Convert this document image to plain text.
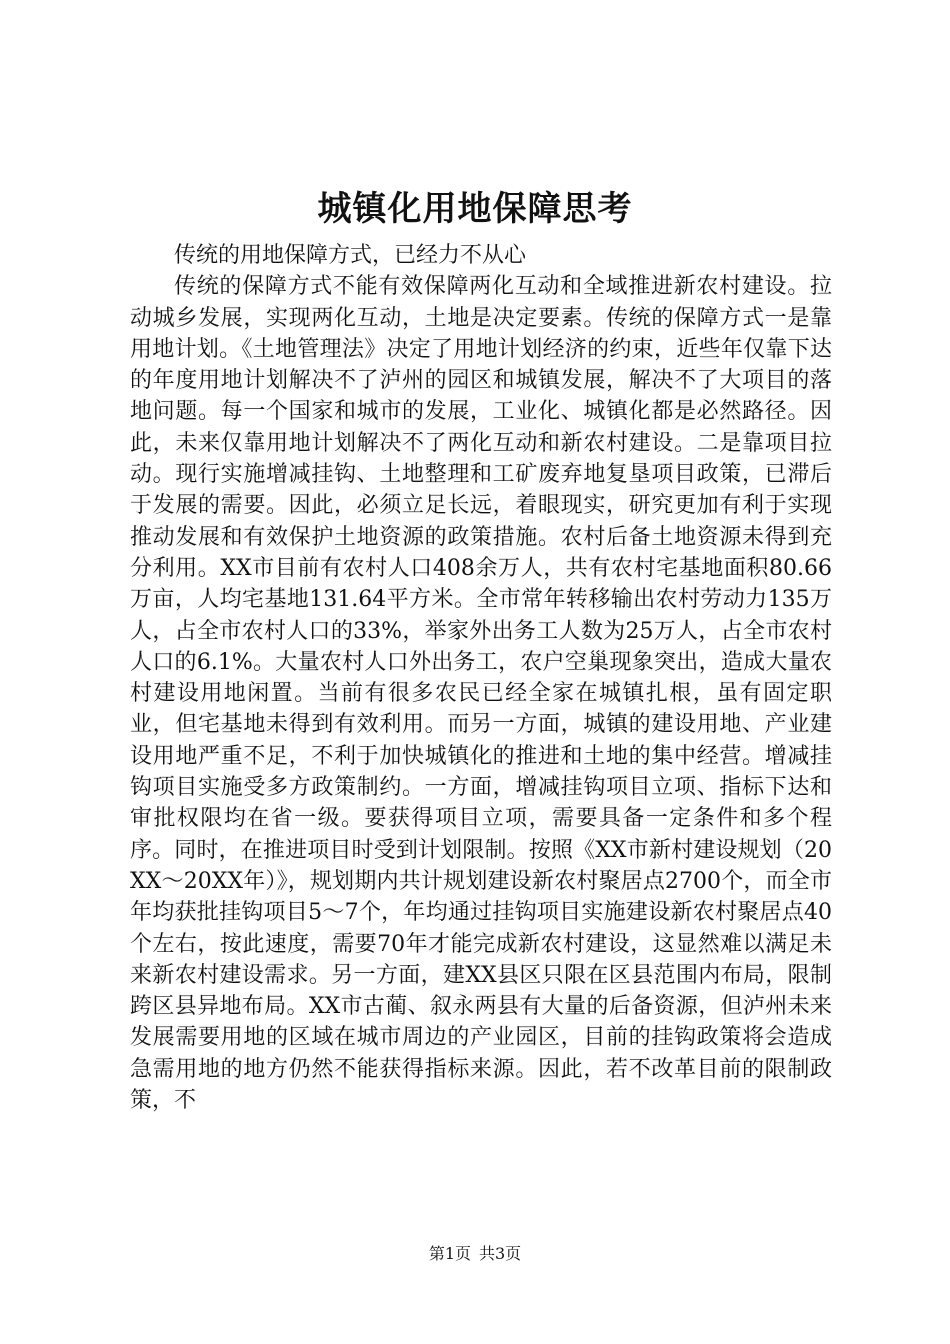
城镇化用地保障思考

传统的用地保障方式，已经力不从心

传统的保障方式不能有效保障两化互动和全域推进新农村建设。拉动城乡发展，实现两化互动，土地是决定要素。传统的保障方式一是靠用地计划。《土地管理法》决定了用地计划经济的约束，近些年仅靠下达的年度用地计划解决不了泸州的园区和城镇发展，解决不了大项目的落地问题。每一个国家和城市的发展，工业化、城镇化都是必然路径。因此，未来仅靠用地计划解决不了两化互动和新农村建设。二是靠项目拉动。现行实施增减挂钩、土地整理和工矿废弃地复垦项目政策，已滞后于发展的需要。因此，必须立足长远，着眼现实，研究更加有利于实现推动发展和有效保护土地资源的政策措施。农村后备土地资源未得到充分利用。XX市目前有农村人口408余万人，共有农村宅基地面积80.66万亩，人均宅基地131.64平方米。全市常年转移输出农村劳动力135万人，占全市农村人口的33%，举家外出务工人数为25万人，占全市农村人口的6.1%。大量农村人口外出务工，农户空巢现象突出，造成大量农村建设用地闲置。当前有很多农民已经全家在城镇扎根，虽有固定职业，但宅基地未得到有效利用。而另一方面，城镇的建设用地、产业建设用地严重不足，不利于加快城镇化的推进和土地的集中经营。增减挂钩项目实施受多方政策制约。一方面，增减挂钩项目立项、指标下达和审批权限均在省一级。要获得项目立项，需要具备一定条件和多个程序。同时，在推进项目时受到计划限制。按照《XX市新村建设规划（20XX～20XX年）》，规划期内共计规划建设新农村聚居点2700个，而全市年均获批挂钩项目5～7个，年均通过挂钩项目实施建设新农村聚居点40个左右，按此速度，需要70年才能完成新农村建设，这显然难以满足未来新农村建设需求。另一方面，建XX县区只限在区县范围内布局，限制跨区县异地布局。XX市古蔺、叙永两县有大量的后备资源，但泸州未来发展需要用地的区域在城市周边的产业园区，目前的挂钩政策将会造成急需用地的地方仍然不能获得指标来源。因此，若不改革目前的限制政策，不

第1页 共3页
